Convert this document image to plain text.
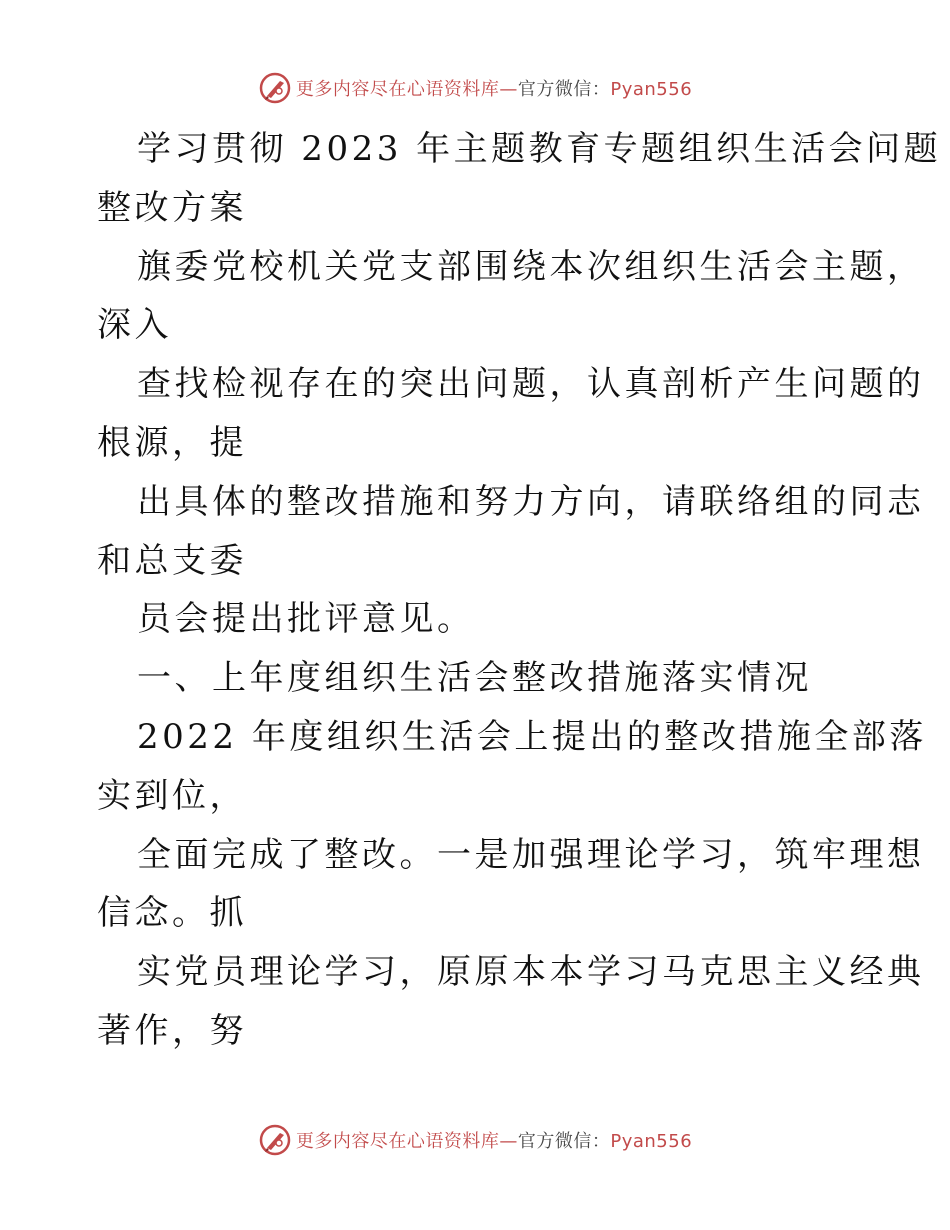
更多内容尽在心语资料库—官方微信：Pyan556
学习贯彻 2023 年主题教育专题组织生活会问题
整改方案
旗委党校机关党支部围绕本次组织生活会主题，
深入
查找检视存在的突出问题，认真剖析产生问题的
根源，提
出具体的整改措施和努力方向，请联络组的同志
和总支委
员会提出批评意见。
一、上年度组织生活会整改措施落实情况
2022 年度组织生活会上提出的整改措施全部落
实到位，
全面完成了整改。一是加强理论学习，筑牢理想
信念。抓
实党员理论学习，原原本本学习马克思主义经典
著作，努
更多内容尽在心语资料库—官方微信：Pyan556
